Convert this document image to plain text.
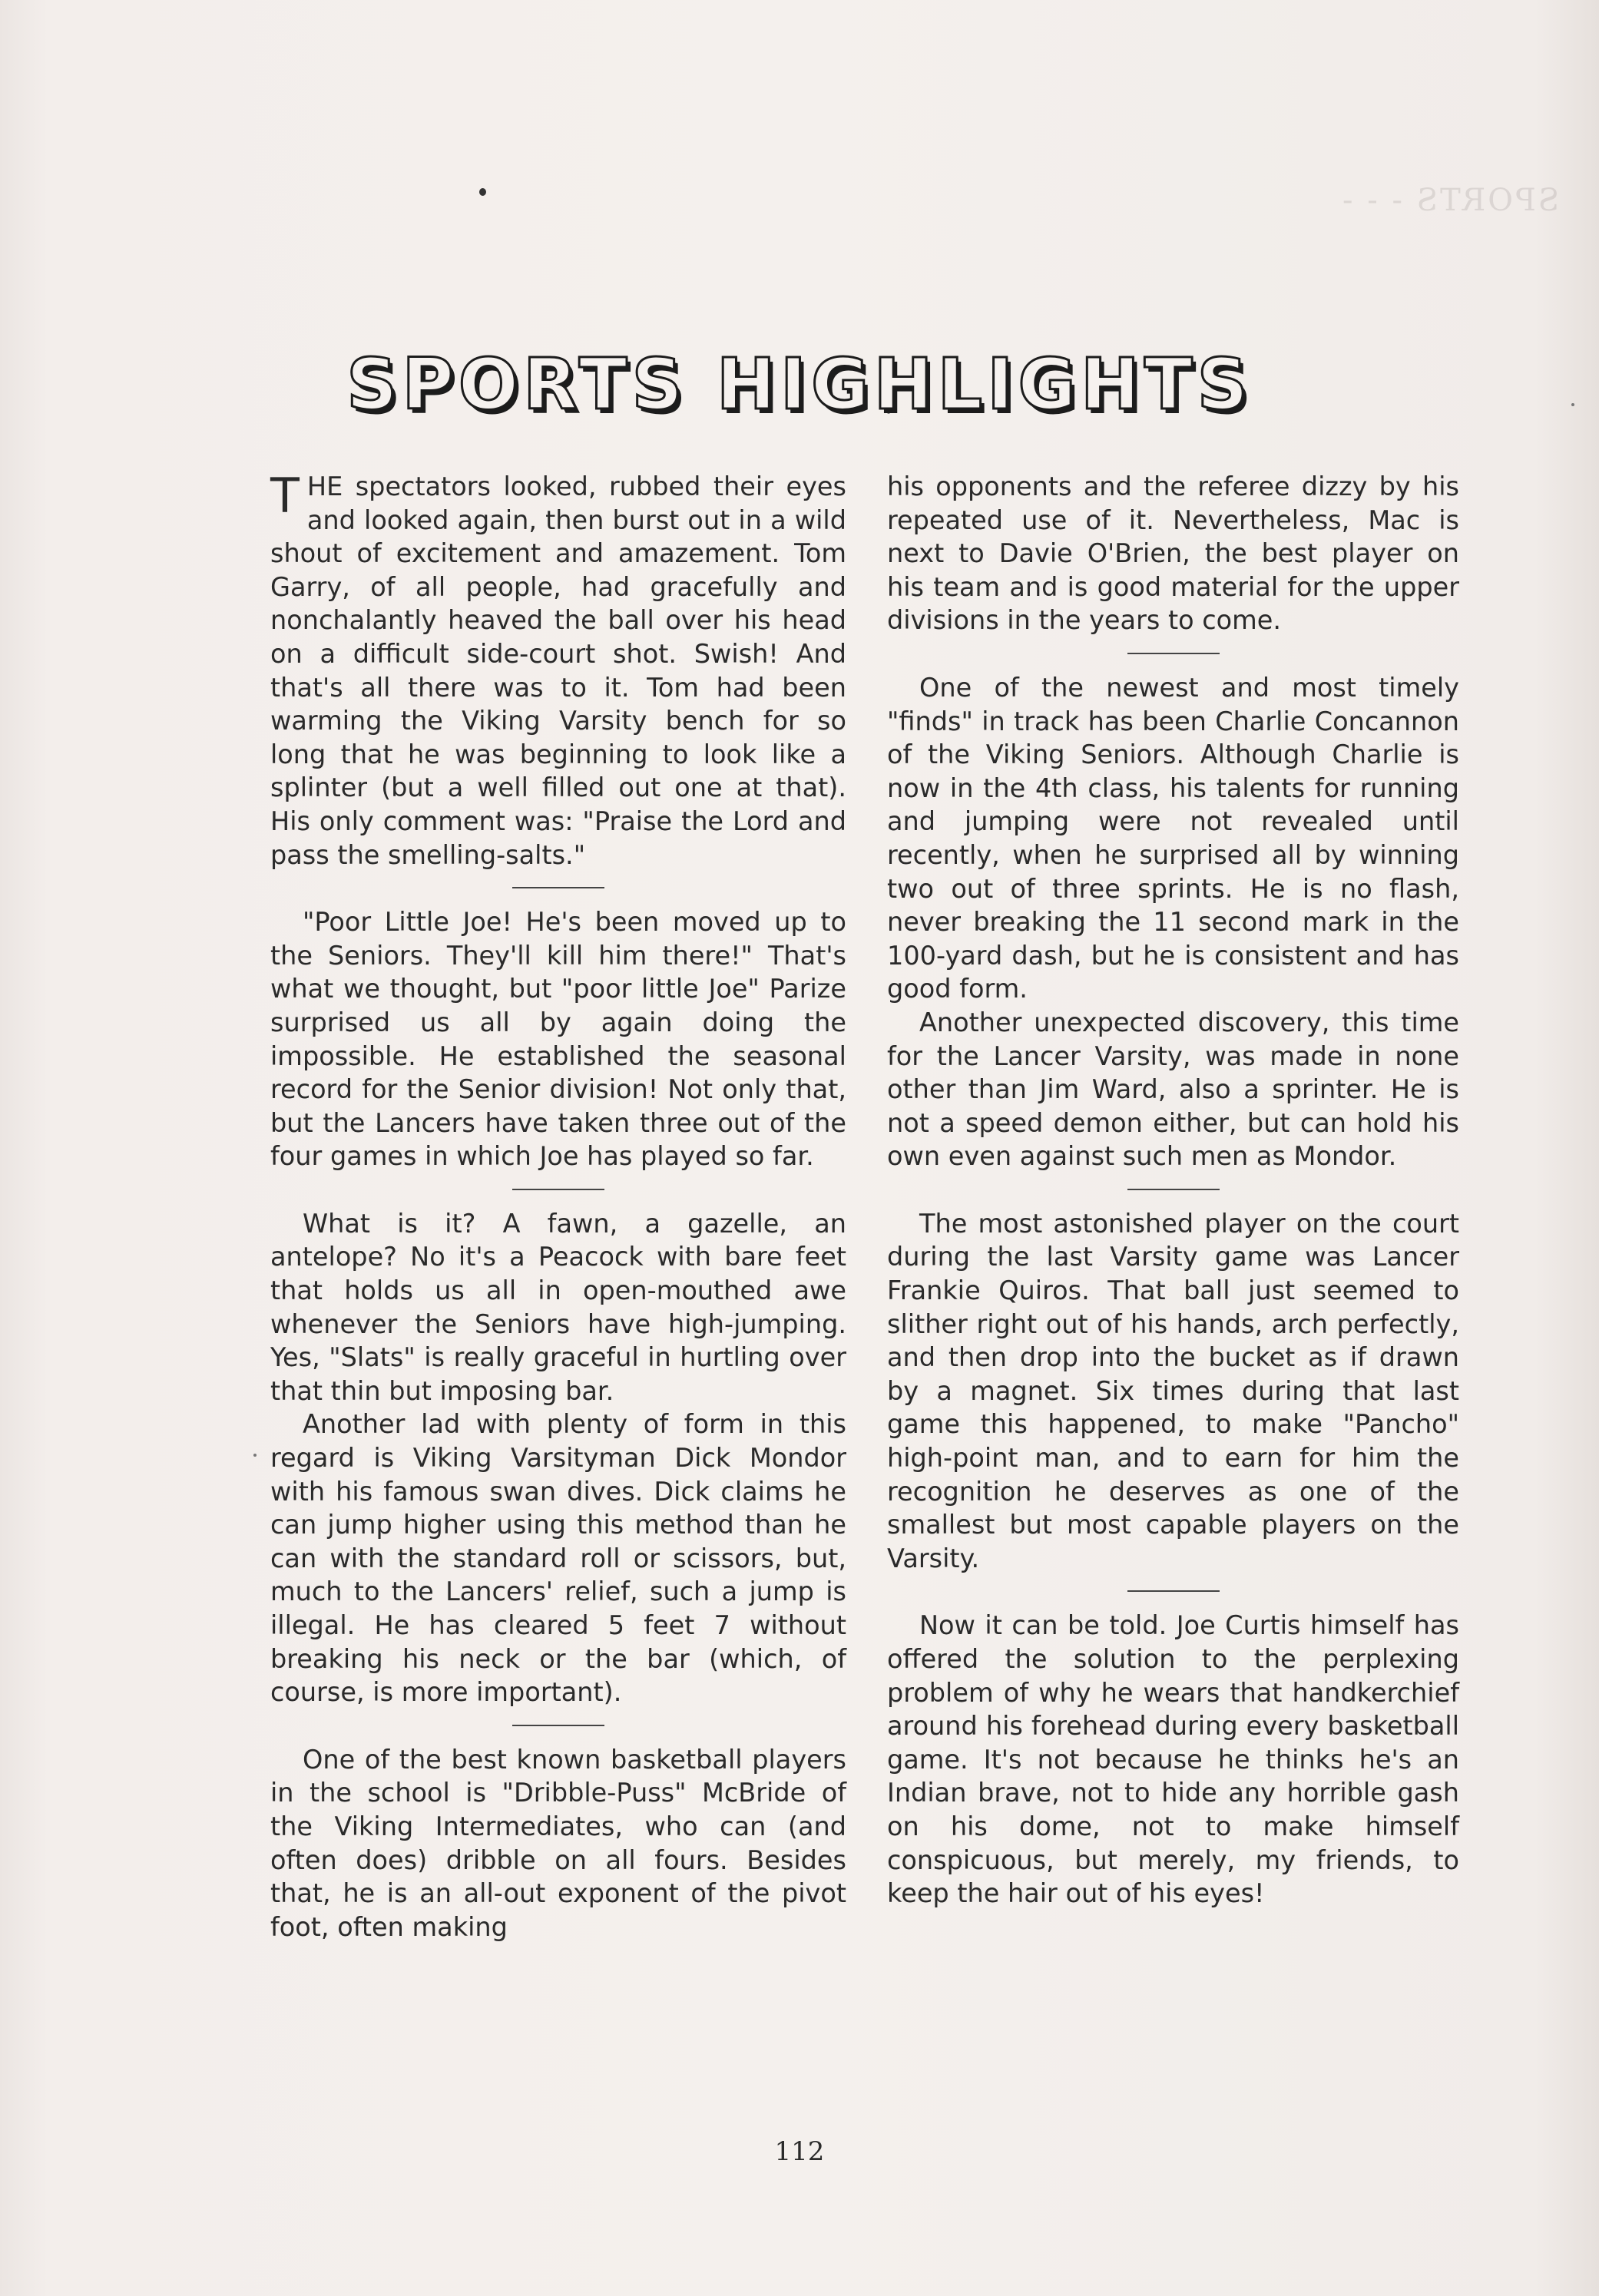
SPORTS - - -
SPORTS HIGHLIGHTS

THE spectators looked, rubbed their eyes and looked again, then burst out in a wild shout of excitement and amazement. Tom Garry, of all people, had gracefully and nonchalantly heaved the ball over his head on a difficult side-court shot. Swish! And that's all there was to it. Tom had been warming the Viking Varsity bench for so long that he was beginning to look like a splinter (but a well filled out one at that). His only comment was: "Praise the Lord and pass the smelling-salts."

"Poor Little Joe! He's been moved up to the Seniors. They'll kill him there!" That's what we thought, but "poor little Joe" Parize surprised us all by again doing the impossible. He established the seasonal record for the Senior division! Not only that, but the Lancers have taken three out of the four games in which Joe has played so far.

What is it? A fawn, a gazelle, an antelope? No it's a Peacock with bare feet that holds us all in open-mouthed awe whenever the Seniors have high-jumping. Yes, "Slats" is really graceful in hurtling over that thin but imposing bar.

Another lad with plenty of form in this regard is Viking Varsityman Dick Mondor with his famous swan dives. Dick claims he can jump higher using this method than he can with the standard roll or scissors, but, much to the Lancers' relief, such a jump is illegal. He has cleared 5 feet 7 without breaking his neck or the bar (which, of course, is more important).

One of the best known basketball players in the school is "Dribble-Puss" McBride of the Viking Intermediates, who can (and often does) dribble on all fours. Besides that, he is an all-out exponent of the pivot foot, often making

his opponents and the referee dizzy by his repeated use of it. Nevertheless, Mac is next to Davie O'Brien, the best player on his team and is good material for the upper divisions in the years to come.

One of the newest and most timely "finds" in track has been Charlie Concannon of the Viking Seniors. Although Charlie is now in the 4th class, his talents for running and jumping were not revealed until recently, when he surprised all by winning two out of three sprints. He is no flash, never breaking the 11 second mark in the 100-yard dash, but he is consistent and has good form.

Another unexpected discovery, this time for the Lancer Varsity, was made in none other than Jim Ward, also a sprinter. He is not a speed demon either, but can hold his own even against such men as Mondor.

The most astonished player on the court during the last Varsity game was Lancer Frankie Quiros. That ball just seemed to slither right out of his hands, arch perfectly, and then drop into the bucket as if drawn by a magnet. Six times during that last game this happened, to make "Pancho" high-point man, and to earn for him the recognition he deserves as one of the smallest but most capable players on the Varsity.

Now it can be told. Joe Curtis himself has offered the solution to the perplexing problem of why he wears that handkerchief around his forehead during every basketball game. It's not because he thinks he's an Indian brave, not to hide any horrible gash on his dome, not to make himself conspicuous, but merely, my friends, to keep the hair out of his eyes!

112
